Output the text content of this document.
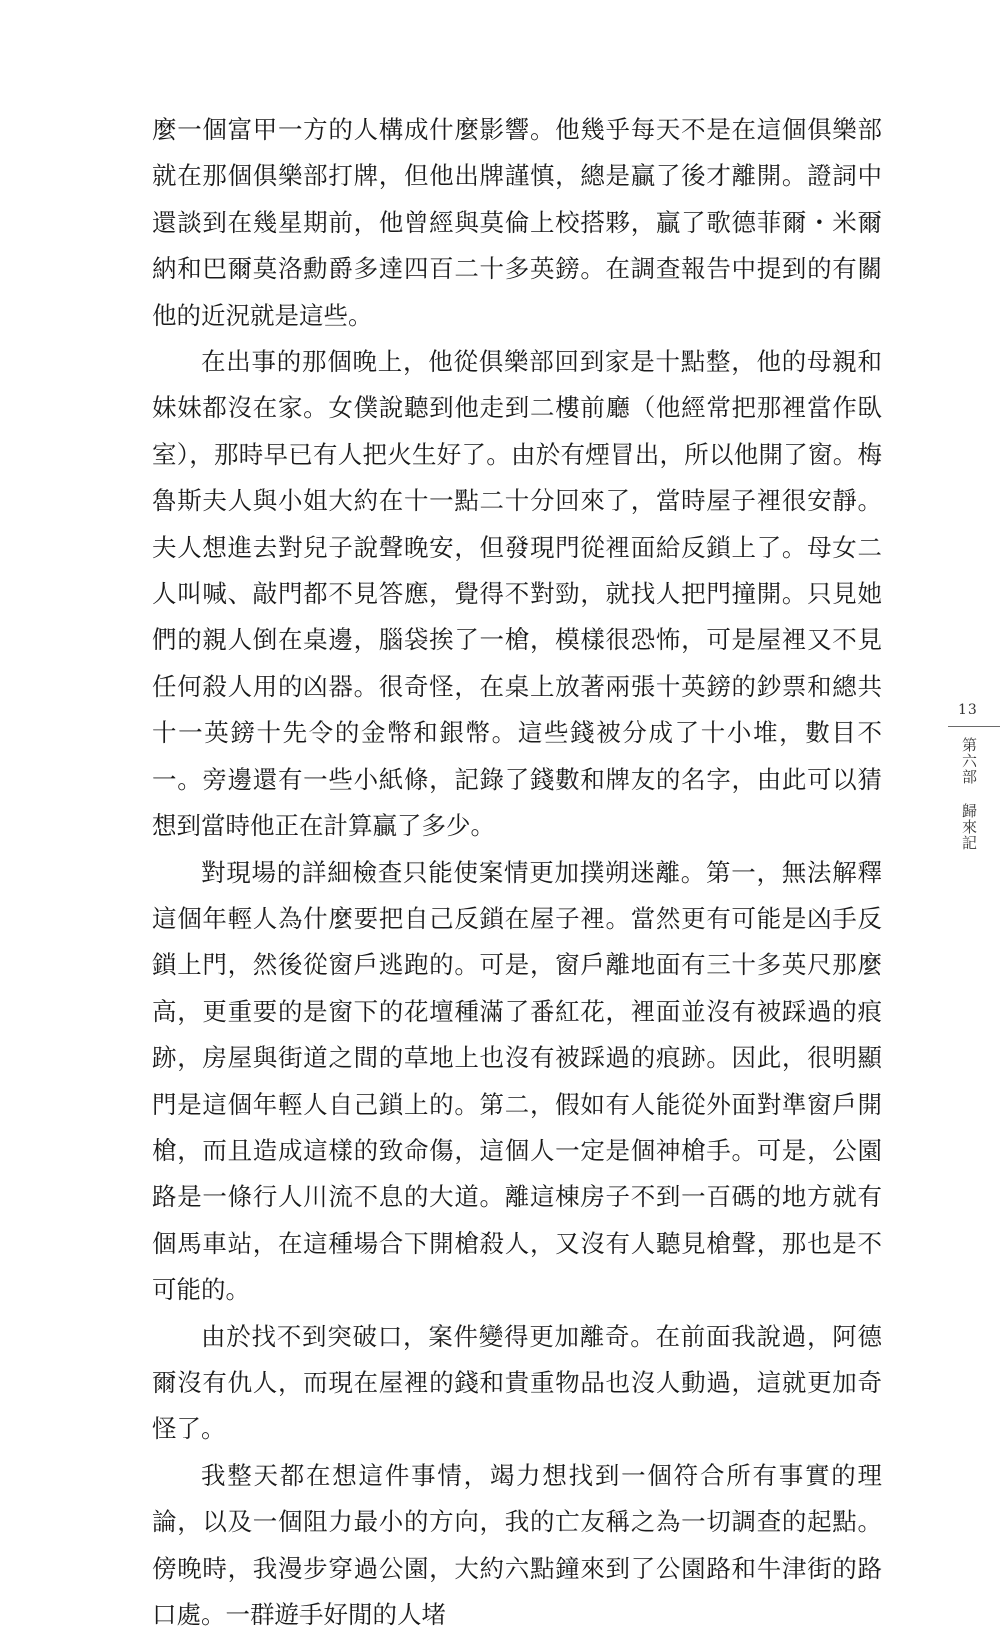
麼一個富甲一方的人構成什麼影響。他幾乎每天不是在這個俱樂部就在那個俱樂部打牌，但他出牌謹慎，總是贏了後才離開。證詞中還談到在幾星期前，他曾經與莫倫上校搭夥，贏了歌德菲爾・米爾納和巴爾莫洛勳爵多達四百二十多英鎊。在調查報告中提到的有關他的近況就是這些。

在出事的那個晚上，他從俱樂部回到家是十點整，他的母親和妹妹都沒在家。女僕說聽到他走到二樓前廳（他經常把那裡當作臥室），那時早已有人把火生好了。由於有煙冒出，所以他開了窗。梅魯斯夫人與小姐大約在十一點二十分回來了，當時屋子裡很安靜。夫人想進去對兒子說聲晚安，但發現門從裡面給反鎖上了。母女二人叫喊、敲門都不見答應，覺得不對勁，就找人把門撞開。只見她們的親人倒在桌邊，腦袋挨了一槍，模樣很恐怖，可是屋裡又不見任何殺人用的凶器。很奇怪，在桌上放著兩張十英鎊的鈔票和總共十一英鎊十先令的金幣和銀幣。這些錢被分成了十小堆，數目不一。旁邊還有一些小紙條，記錄了錢數和牌友的名字，由此可以猜想到當時他正在計算贏了多少。

對現場的詳細檢查只能使案情更加撲朔迷離。第一，無法解釋這個年輕人為什麼要把自己反鎖在屋子裡。當然更有可能是凶手反鎖上門，然後從窗戶逃跑的。可是，窗戶離地面有三十多英尺那麼高，更重要的是窗下的花壇種滿了番紅花，裡面並沒有被踩過的痕跡，房屋與街道之間的草地上也沒有被踩過的痕跡。因此，很明顯門是這個年輕人自己鎖上的。第二，假如有人能從外面對準窗戶開槍，而且造成這樣的致命傷，這個人一定是個神槍手。可是，公園路是一條行人川流不息的大道。離這棟房子不到一百碼的地方就有個馬車站，在這種場合下開槍殺人，又沒有人聽見槍聲，那也是不可能的。

由於找不到突破口，案件變得更加離奇。在前面我說過，阿德爾沒有仇人，而現在屋裡的錢和貴重物品也沒人動過，這就更加奇怪了。

我整天都在想這件事情，竭力想找到一個符合所有事實的理論，以及一個阻力最小的方向，我的亡友稱之為一切調查的起點。傍晚時，我漫步穿過公園，大約六點鐘來到了公園路和牛津街的路口處。一群遊手好閒的人堵

13
第六部
歸來記
